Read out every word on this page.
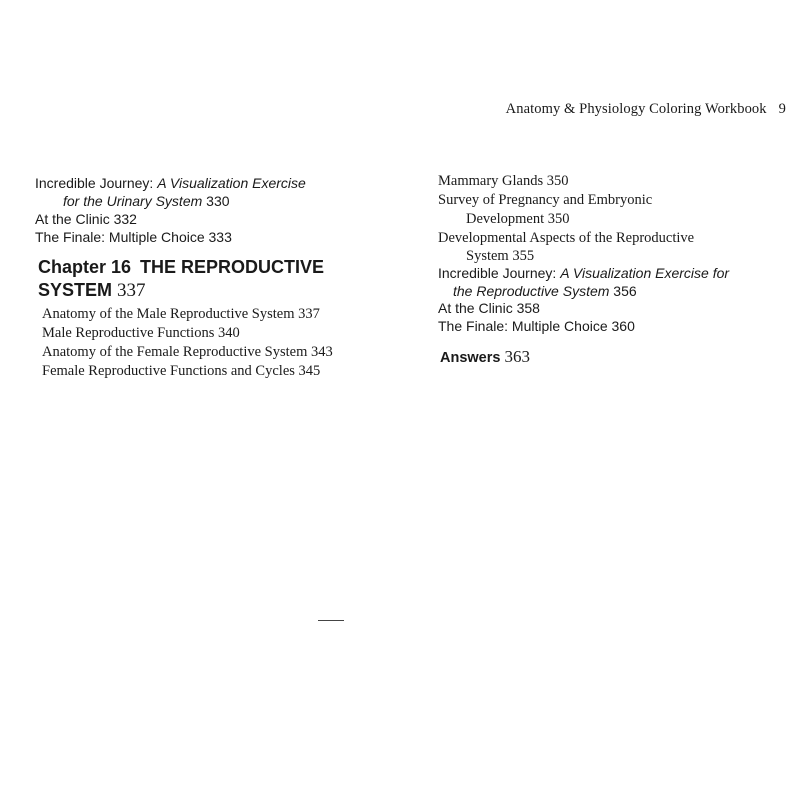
Anatomy & Physiology Coloring Workbook 9
Incredible Journey: A Visualization Exercise
for the Urinary System 330
At the Clinic 332
The Finale: Multiple Choice 333
Chapter 16 THE REPRODUCTIVE
SYSTEM 337
Anatomy of the Male Reproductive System 337
Male Reproductive Functions 340
Anatomy of the Female Reproductive System 343
Female Reproductive Functions and Cycles 345
Mammary Glands 350
Survey of Pregnancy and Embryonic
Development 350
Developmental Aspects of the Reproductive
System 355
Incredible Journey: A Visualization Exercise for
the Reproductive System 356
At the Clinic 358
The Finale: Multiple Choice 360
Answers 363
